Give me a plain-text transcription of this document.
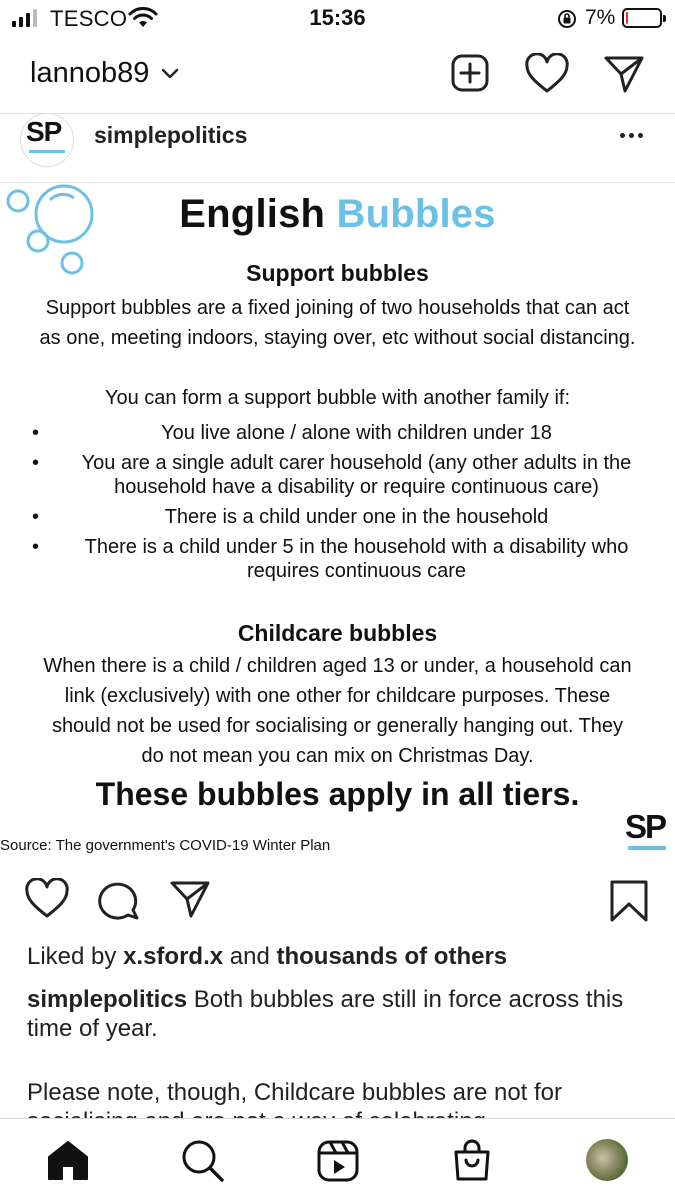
TESCO	15:36	7%
lannob89
SP simplepolitics
English Bubbles
Support bubbles
Support bubbles are a fixed joining of two households that can act
as one, meeting indoors, staying over, etc without social distancing.
You can form a support bubble with another family if:
•	You live alone / alone with children under 18
•	You are a single adult carer household (any other adults in the
household have a disability or require continuous care)
•	There is a child under one in the household
•	There is a child under 5 in the household with a disability who
requires continuous care
Childcare bubbles
When there is a child / children aged 13 or under, a household can
link (exclusively) with one other for childcare purposes. These
should not be used for socialising or generally hanging out. They
do not mean you can mix on Christmas Day.
These bubbles apply in all tiers.
Source: The government's COVID-19 Winter Plan
SP
Liked by x.sford.x and thousands of others
simplepolitics Both bubbles are still in force across this time of year.
Please note, though, Childcare bubbles are not for
